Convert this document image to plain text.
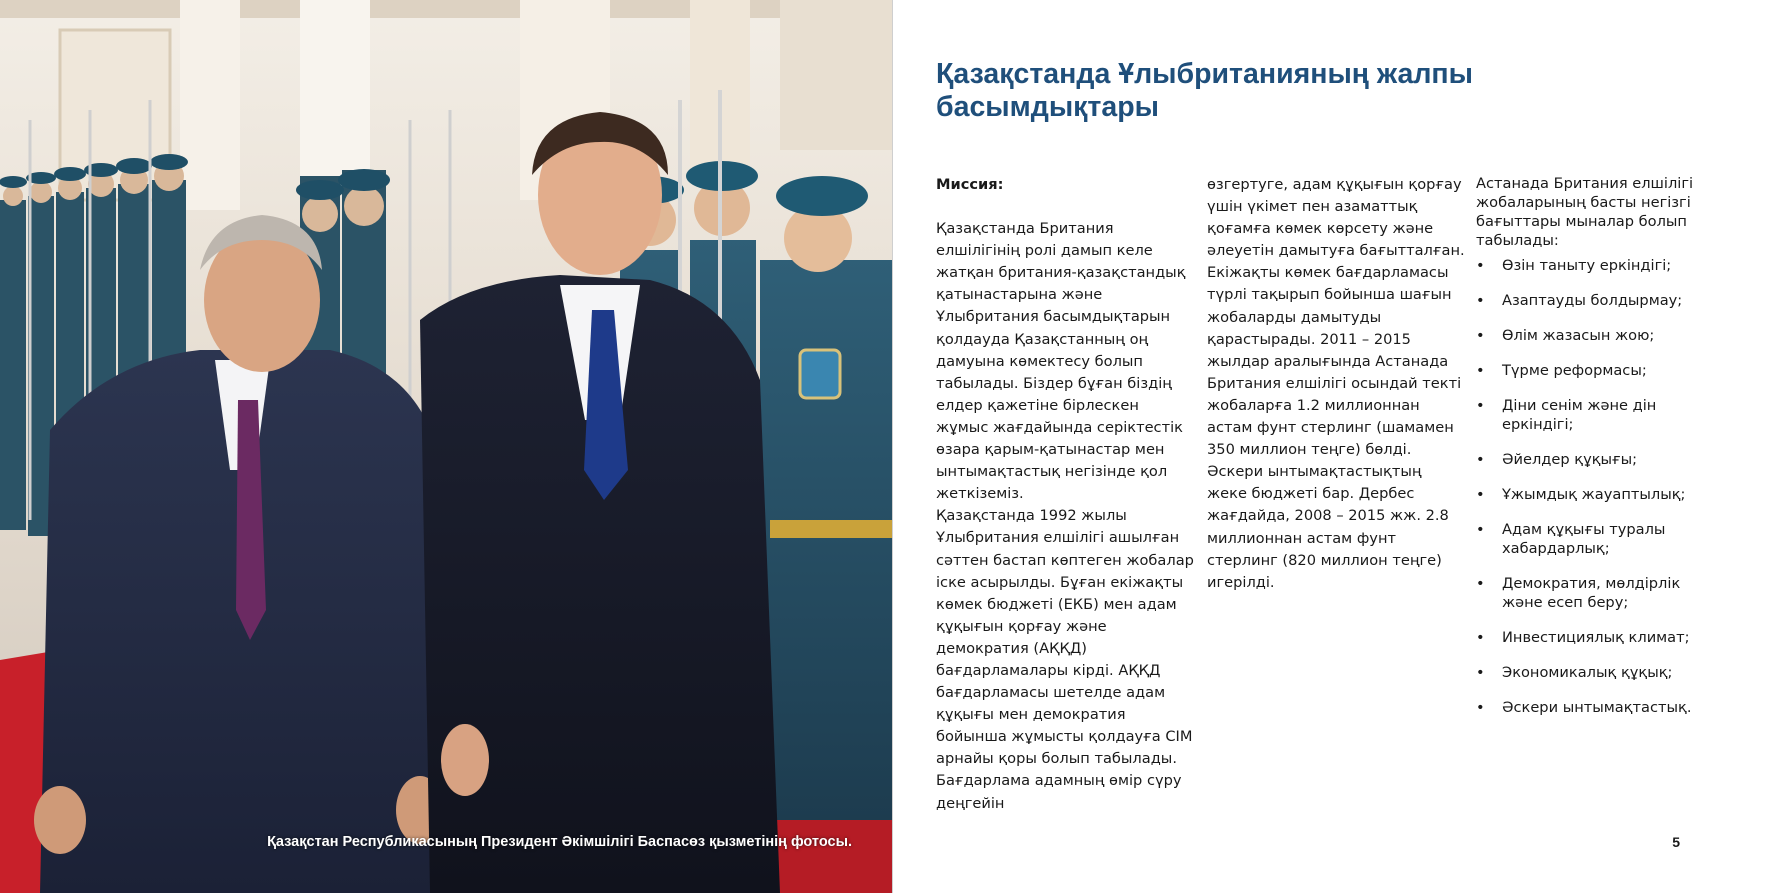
Қазақстан Республикасының Президент Әкімшілігі Баспасөз қызметінің фотосы.
Қазақстанда Ұлыбританияның жалпы басымдықтары

Миссия:

Қазақстанда Британия елшілігінің ролі дамып келе жатқан британия-қазақстандық қатынастарына және Ұлыбритания басымдықтарын қолдауда Қазақстанның оң дамуына көмектесу болып табылады. Біздер бұған біздің елдер қажетіне бірлескен жұмыс жағдайында серіктестік өзара қарым-қатынастар мен ынтымақтастық негізінде қол жеткіземіз.

Қазақстанда 1992 жылы Ұлыбритания елшілігі ашылған сәттен бастап көптеген жобалар іске асырылды. Бұған екіжақты көмек бюджеті (ЕКБ) мен адам құқығын қорғау және демократия (АҚҚД) бағдарламалары кірді. АҚҚД бағдарламасы шетелде адам құқығы мен демократия бойынша жұмысты қолдауға СІМ арнайы қоры болып табылады. Бағдарлама адамның өмір сүру деңгейін

өзгертуге, адам құқығын қорғау үшін үкімет пен азаматтық қоғамға көмек көрсету және әлеуетін дамытуға бағытталған. Екіжақты көмек бағдарламасы түрлі тақырып бойынша шағын жобаларды дамытуды қарастырады. 2011 – 2015 жылдар аралығында Астанада Британия елшілігі осындай текті жобаларға 1.2 миллионнан астам фунт стерлинг (шамамен 350 миллион теңге) бөлді. Әскери ынтымақтастықтың жеке бюджеті бар. Дербес жағдайда, 2008 – 2015 жж. 2.8 миллионнан астам фунт стерлинг (820 миллион теңге) игерілді.

Астанада Британия елшілігі жобаларының басты негізгі бағыттары мыналар болып табылады:

• Өзін таныту еркіндігі;
• Азаптауды болдырмау;
• Өлім жазасын жою;
• Түрме реформасы;
• Діни сенім және дін еркіндігі;
• Әйелдер құқығы;
• Ұжымдық жауаптылық;
• Адам құқығы туралы хабардарлық;
• Демократия, мөлдірлік және есеп беру;
• Инвестициялық климат;
• Экономикалық құқық;
• Әскери ынтымақтастық.
5
